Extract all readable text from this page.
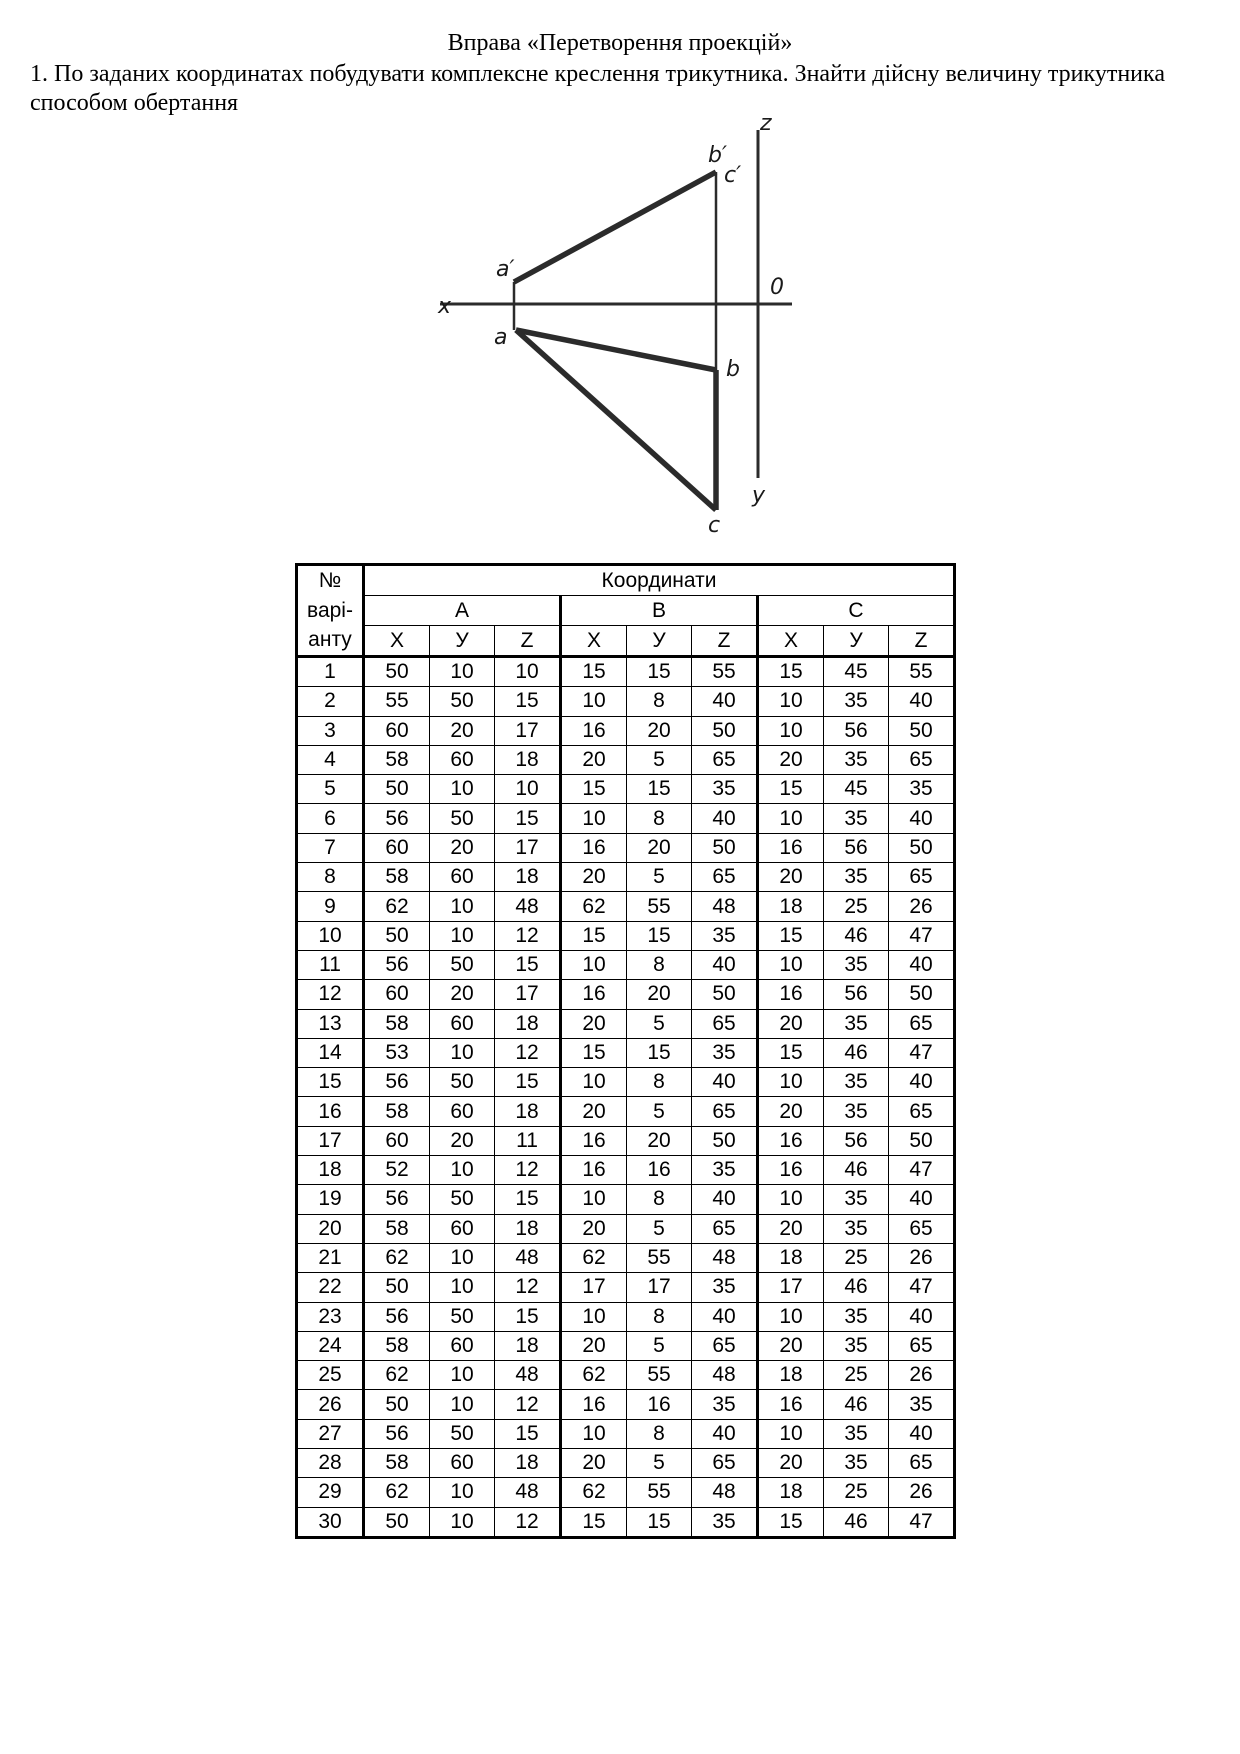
Вправа «Перетворення проекцій»
1. По заданих координатах побудувати комплексне креслення трикутника. Знайти дійсну величину трикутника способом обертання
z
x
0
y
a′
b′
c′
a
b
c
№	Координати								
варі-	A			B			C		
анту	X	У	Z	X	У	Z	X	У	Z
1	50	10	10	15	15	55	15	45	55
2	55	50	15	10	8	40	10	35	40
3	60	20	17	16	20	50	10	56	50
4	58	60	18	20	5	65	20	35	65
5	50	10	10	15	15	35	15	45	35
6	56	50	15	10	8	40	10	35	40
7	60	20	17	16	20	50	16	56	50
8	58	60	18	20	5	65	20	35	65
9	62	10	48	62	55	48	18	25	26
10	50	10	12	15	15	35	15	46	47
11	56	50	15	10	8	40	10	35	40
12	60	20	17	16	20	50	16	56	50
13	58	60	18	20	5	65	20	35	65
14	53	10	12	15	15	35	15	46	47
15	56	50	15	10	8	40	10	35	40
16	58	60	18	20	5	65	20	35	65
17	60	20	11	16	20	50	16	56	50
18	52	10	12	16	16	35	16	46	47
19	56	50	15	10	8	40	10	35	40
20	58	60	18	20	5	65	20	35	65
21	62	10	48	62	55	48	18	25	26
22	50	10	12	17	17	35	17	46	47
23	56	50	15	10	8	40	10	35	40
24	58	60	18	20	5	65	20	35	65
25	62	10	48	62	55	48	18	25	26
26	50	10	12	16	16	35	16	46	35
27	56	50	15	10	8	40	10	35	40
28	58	60	18	20	5	65	20	35	65
29	62	10	48	62	55	48	18	25	26
30	50	10	12	15	15	35	15	46	47
